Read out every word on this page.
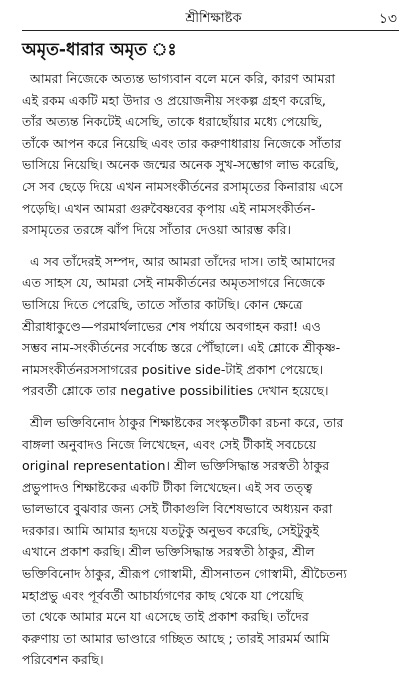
শ্রীশিক্ষাষ্টক	১৩
অমৃত-ধারার অমৃত ঃ
আমরা নিজেকে অত্যন্ত ভাগ্যবান বলে মনে করি, কারণ আমরা
এই রকম একটি মহা উদার ও প্রয়োজনীয় সংকল্প গ্রহণ করেছি,
তাঁর অত্যন্ত নিকটেই এসেছি, তাকে ধরাছোঁয়ার মধ্যে পেয়েছি,
তাঁকে আপন করে নিয়েছি এবং তার করুণাধারায় নিজেকে সাঁতার
ভাসিয়ে নিয়েছি। অনেক জন্মের অনেক সুখ-সম্ভোগ লাভ করেছি,
সে সব ছেড়ে দিয়ে এখন নামসংকীর্তনের রসামৃতের কিনারায় এসে
পড়েছি। এখন আমরা গুরুবৈষ্ণবের কৃপায় এই নামসংকীর্তন-
রসামৃতের তরঙ্গে ঝাঁপ দিয়ে সাঁতার দেওয়া আরম্ভ করি।
এ সব তাঁদেরই সম্পদ, আর আমরা তাঁদের দাস। তাই আমাদের
এত সাহস যে, আমরা সেই নামকীর্তনের অমৃতসাগরে নিজেকে
ভাসিয়ে দিতে পেরেছি, তাতে সাঁতার কাটছি। কোন ক্ষেত্রে
শ্রীরাধাকুণ্ডে—পরমার্থলাভের শেষ পর্যায়ে অবগাহন করা! এও
সম্ভব নাম-সংকীর্তনের সর্বোচ্চ স্তরে পৌঁছালে। এই শ্লোকে শ্রীকৃষ্ণ-
নামসংকীর্তনরসসাগরের positive side-টাই প্রকাশ পেয়েছে।
পরবর্তী শ্লোকে তার negative possibilities দেখান হয়েছে।
শ্রীল ভক্তিবিনোদ ঠাকুর শিক্ষাষ্টকের সংস্কৃতটীকা রচনা করে, তার
বাঙ্গলা অনুবাদও নিজে লিখেছেন, এবং সেই টীকাই সবচেয়ে
original representation। শ্রীল ভক্তিসিদ্ধান্ত সরস্বতী ঠাকুর
প্রভুপাদও শিক্ষাষ্টকের একটি টীকা লিখেছেন। এই সব তত্ত্ব
ভালভাবে বুঝবার জন্য সেই টীকাগুলি বিশেষভাবে অধ্যয়ন করা
দরকার। আমি আমার হৃদয়ে যতটুকু অনুভব করেছি, সেইটুকুই
এখানে প্রকাশ করছি। শ্রীল ভক্তিসিদ্ধান্ত সরস্বতী ঠাকুর, শ্রীল
ভক্তিবিনোদ ঠাকুর, শ্রীরূপ গোস্বামী, শ্রীসনাতন গোস্বামী, শ্রীচৈতন্য
মহাপ্রভু এবং পূর্ববর্তী আচার্য্যগণের কাছ থেকে যা পেয়েছি
তা থেকে আমার মনে যা এসেছে তাই প্রকাশ করছি। তাঁদের
করুণায় তা আমার ভাণ্ডারে গচ্ছিত আছে ; তারই সারমর্ম আমি
পরিবেশন করছি।
